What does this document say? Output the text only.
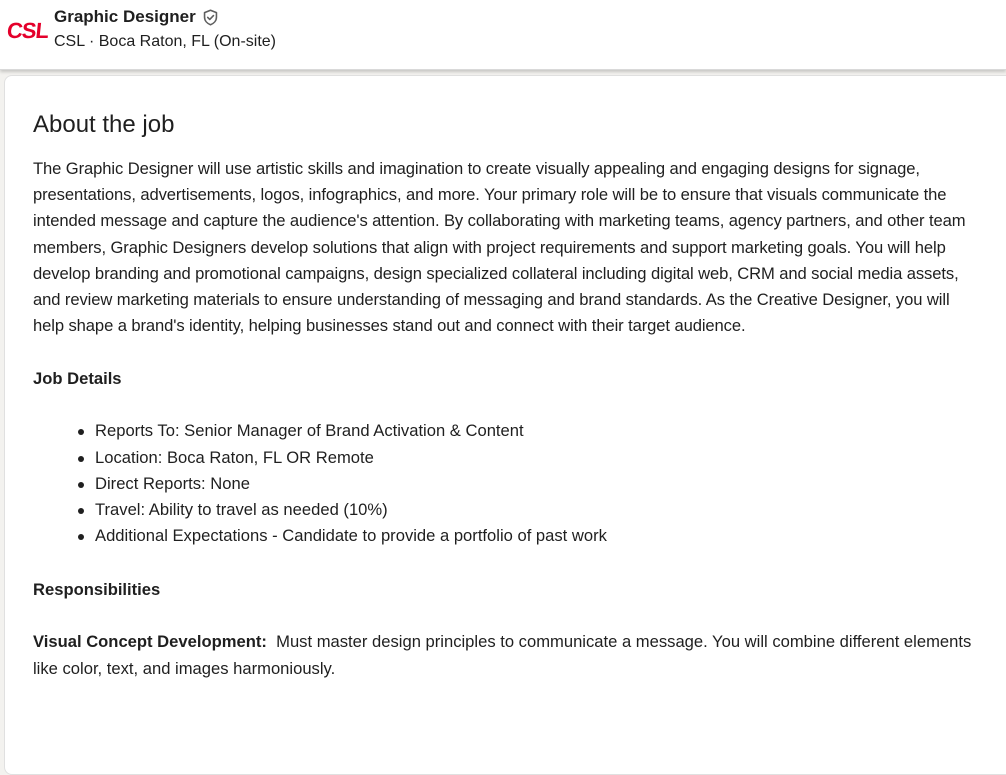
CSL
Graphic Designer
CSL · Boca Raton, FL (On-site)
About the job

The Graphic Designer will use artistic skills and imagination to create visually appealing and engaging designs for signage, presentations, advertisements, logos, infographics, and more. Your primary role will be to ensure that visuals communicate the intended message and capture the audience's attention. By collaborating with marketing teams, agency partners, and other team members, Graphic Designers develop solutions that align with project requirements and support marketing goals. You will help develop branding and promotional campaigns, design specialized collateral including digital web, CRM and social media assets, and review marketing materials to ensure understanding of messaging and brand standards. As the Creative Designer, you will help shape a brand's identity, helping businesses stand out and connect with their target audience.

Job Details
Reports To: Senior Manager of Brand Activation & Content
Location: Boca Raton, FL OR Remote
Direct Reports: None
Travel: Ability to travel as needed (10%)
Additional Expectations - Candidate to provide a portfolio of past work
Responsibilities

Visual Concept Development:  Must master design principles to communicate a message. You will combine different elements like color, text, and images harmoniously.
